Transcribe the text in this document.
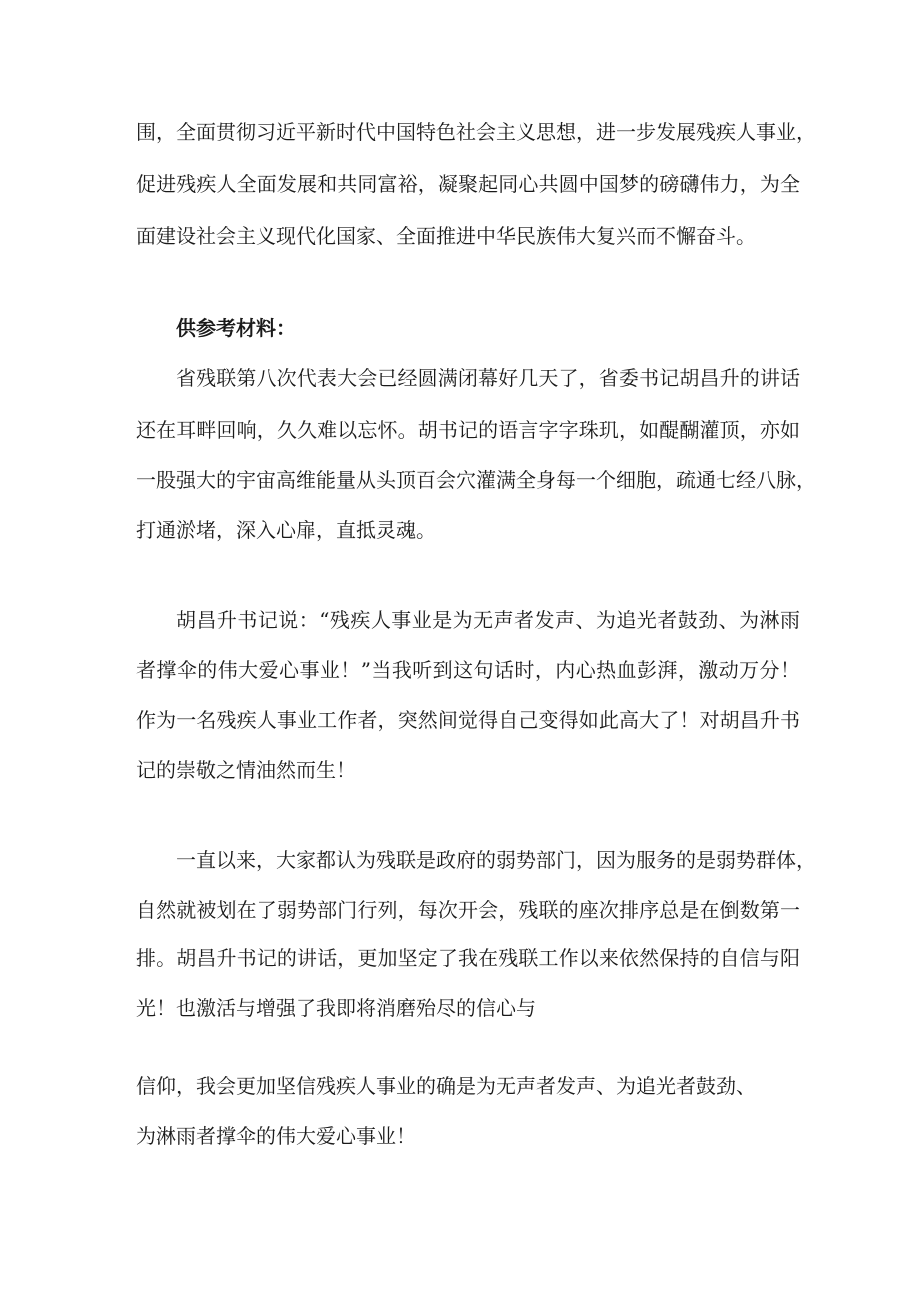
围，全面贯彻习近平新时代中国特色社会主义思想，进一步发展残疾人事业，
促进残疾人全面发展和共同富裕，凝聚起同心共圆中国梦的磅礴伟力，为全
面建设社会主义现代化国家、全面推进中华民族伟大复兴而不懈奋斗。
供参考材料：
省残联第八次代表大会已经圆满闭幕好几天了，省委书记胡昌升的讲话
还在耳畔回响，久久难以忘怀。胡书记的语言字字珠玑，如醍醐灌顶，亦如
一股强大的宇宙高维能量从头顶百会穴灌满全身每一个细胞，疏通七经八脉，
打通淤堵，深入心扉，直抵灵魂。
胡昌升书记说：“残疾人事业是为无声者发声、为追光者鼓劲、为淋雨
者撑伞的伟大爱心事业！”当我听到这句话时，内心热血彭湃，激动万分！
作为一名残疾人事业工作者，突然间觉得自己变得如此高大了！对胡昌升书
记的崇敬之情油然而生！
一直以来，大家都认为残联是政府的弱势部门，因为服务的是弱势群体，
自然就被划在了弱势部门行列，每次开会，残联的座次排序总是在倒数第一
排。胡昌升书记的讲话，更加坚定了我在残联工作以来依然保持的自信与阳
光！也激活与增强了我即将消磨殆尽的信心与
信仰，我会更加坚信残疾人事业的确是为无声者发声、为追光者鼓劲、
为淋雨者撑伞的伟大爱心事业！
